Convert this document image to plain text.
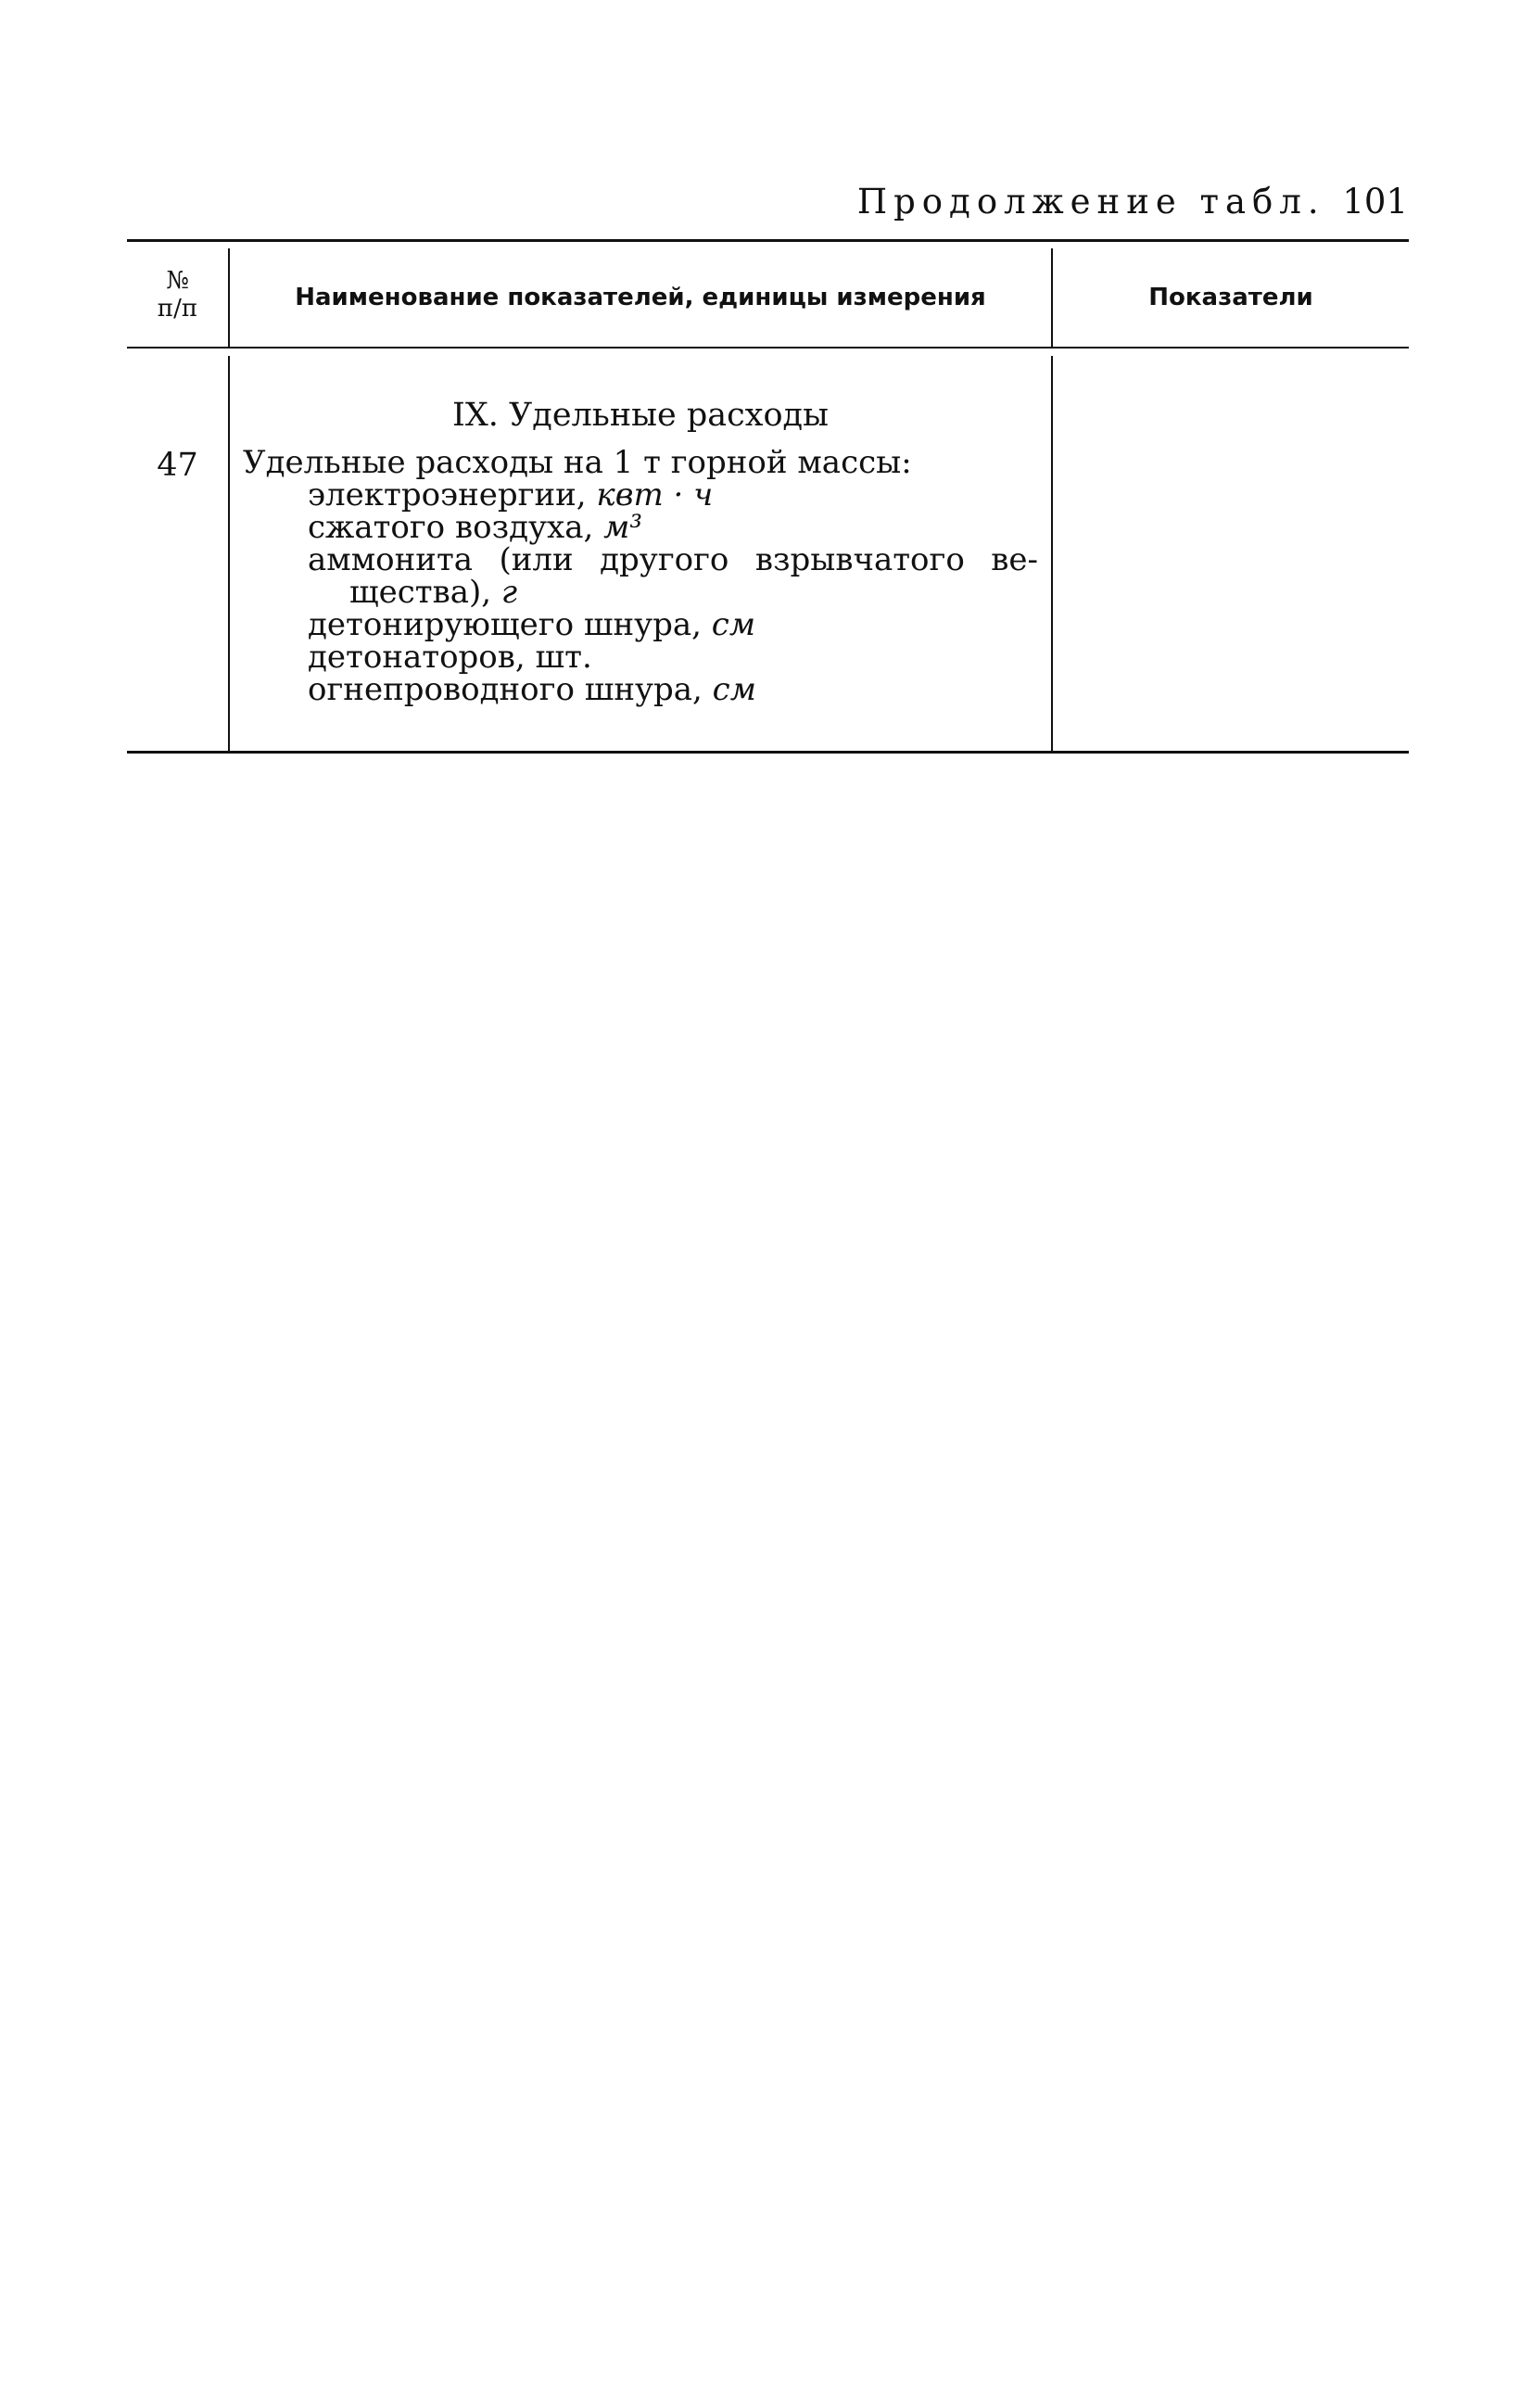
Продолжение табл. 101
№
п/п	Наименование показателей, единицы измерения	Показатели
IX. Удельные расходы
47	Удельные расходы на 1 т горной массы:
электроэнергии, квт · ч
сжатого воздуха, м³
аммонита (или другого взрывчатого ве-
щества), г
детонирующего шнура, см
детонаторов, шт.
огнепроводного шнура, см
